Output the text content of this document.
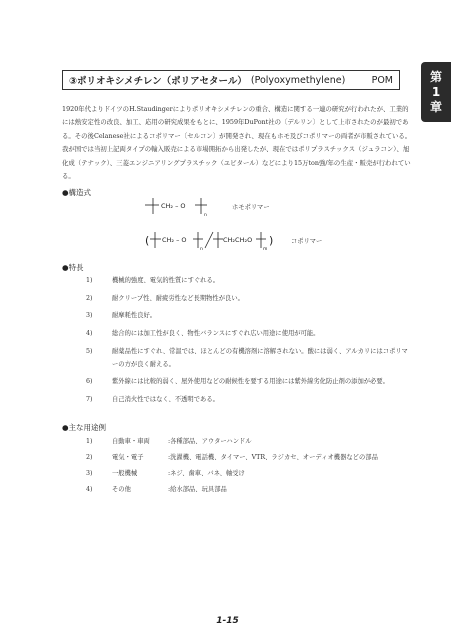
第
1
章
③ポリオキシメチレン（ポリアセタール） (Polyoxymethylene)	POM

1920年代よりドイツのH.Staudingerによりポリオキシメチレンの重合、構造に関する一連の研究が行われたが、工業的には熱安定性の改良、加工、応用の研究成果をもとに、1959年DuPont社の〔デルリン〕として上市されたのが最初である。その後Celanese社によるコポリマー〔セルコン〕が開発され、現在もホモ及びコポリマーの両者が市販されている。我が国では当初上記両タイプの輸入販売による市場開拓から出発したが、現在ではポリプラスチックス（ジュラコン）、旭化成（テナック）、三菱エンジニアリングプラスチック（ユピタール）などにより15万ton強/年の生産・販売が行われている。

●構造式
CH₂ – O
n
ホモポリマー
( CH₂ – O
n
CH₂CH₂O
m
)	コポリマー
●特長
1)	機械的強度、電気的性質にすぐれる。
2)	耐クリープ性、耐疲労性など長期物性が良い。
3)	耐摩耗性良好。
4)	総合的には加工性が良く、物性バランスにすぐれ広い用途に使用が可能。
5)	耐薬品性にすぐれ、常温では、ほとんどの有機溶剤に溶解されない。酸には弱く、アルカリにはコポリマーの方が良く耐える。
6)	紫外線には比較的弱く、屋外使用などの耐候性を要する用途には紫外線劣化防止剤の添加が必要。
7)	自己消火性ではなく、不透明である。
●主な用途例
1)	自動車・車両	:各種部品、アウターハンドル
2)	電気・電子	:洗濯機、電話機、タイマー、VTR、ラジカセ、オーディオ機器などの部品
3)	一般機械	:ネジ、歯車、バネ、軸受け
4)	その他	:給水部品、玩具部品
1-15
